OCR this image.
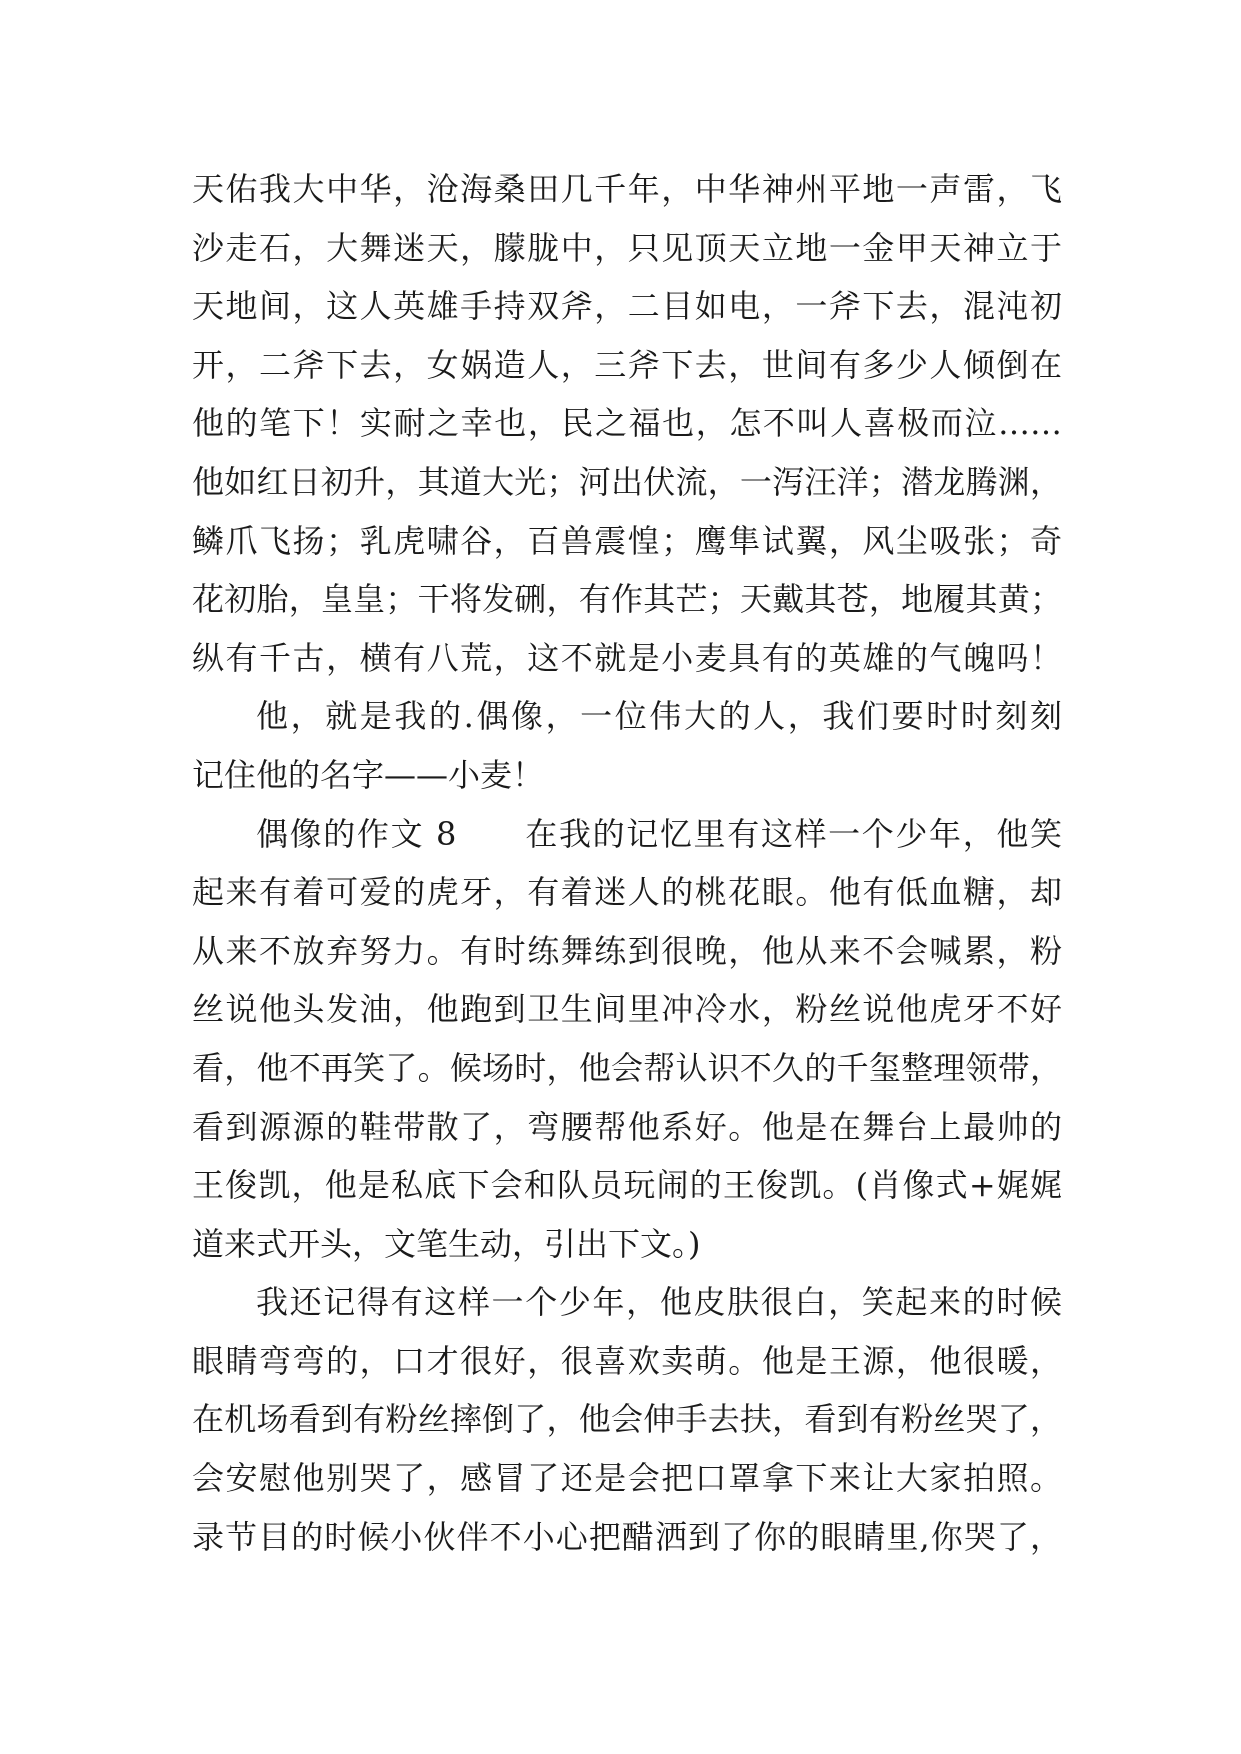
天佑我大中华，沧海桑田几千年，中华神州平地一声雷，飞
沙走石，大舞迷天，朦胧中，只见顶天立地一金甲天神立于
天地间，这人英雄手持双斧，二目如电，一斧下去，混沌初
开，二斧下去，女娲造人，三斧下去，世间有多少人倾倒在
他的笔下！实耐之幸也，民之福也，怎不叫人喜极而泣……
他如红日初升，其道大光；河出伏流，一泻汪洋；潜龙腾渊，
鳞爪飞扬；乳虎啸谷，百兽震惶；鹰隼试翼，风尘吸张；奇
花初胎，皇皇；干将发硎，有作其芒；天戴其苍，地履其黄；
纵有千古，横有八荒，这不就是小麦具有的英雄的气魄吗！
他，就是我的.偶像，一位伟大的人，我们要时时刻刻
记住他的名字——小麦！
偶像的作文 8　　在我的记忆里有这样一个少年，他笑
起来有着可爱的虎牙，有着迷人的桃花眼。他有低血糖，却
从来不放弃努力。有时练舞练到很晚，他从来不会喊累，粉
丝说他头发油，他跑到卫生间里冲冷水，粉丝说他虎牙不好
看，他不再笑了。候场时，他会帮认识不久的千玺整理领带，
看到源源的鞋带散了，弯腰帮他系好。他是在舞台上最帅的
王俊凯，他是私底下会和队员玩闹的王俊凯。(肖像式+娓娓
道来式开头，文笔生动，引出下文。)
我还记得有这样一个少年，他皮肤很白，笑起来的时候
眼睛弯弯的，口才很好，很喜欢卖萌。他是王源，他很暖，
在机场看到有粉丝摔倒了，他会伸手去扶，看到有粉丝哭了，
会安慰他别哭了，感冒了还是会把口罩拿下来让大家拍照。
录节目的时候小伙伴不小心把醋洒到了你的眼睛里,你哭了，
